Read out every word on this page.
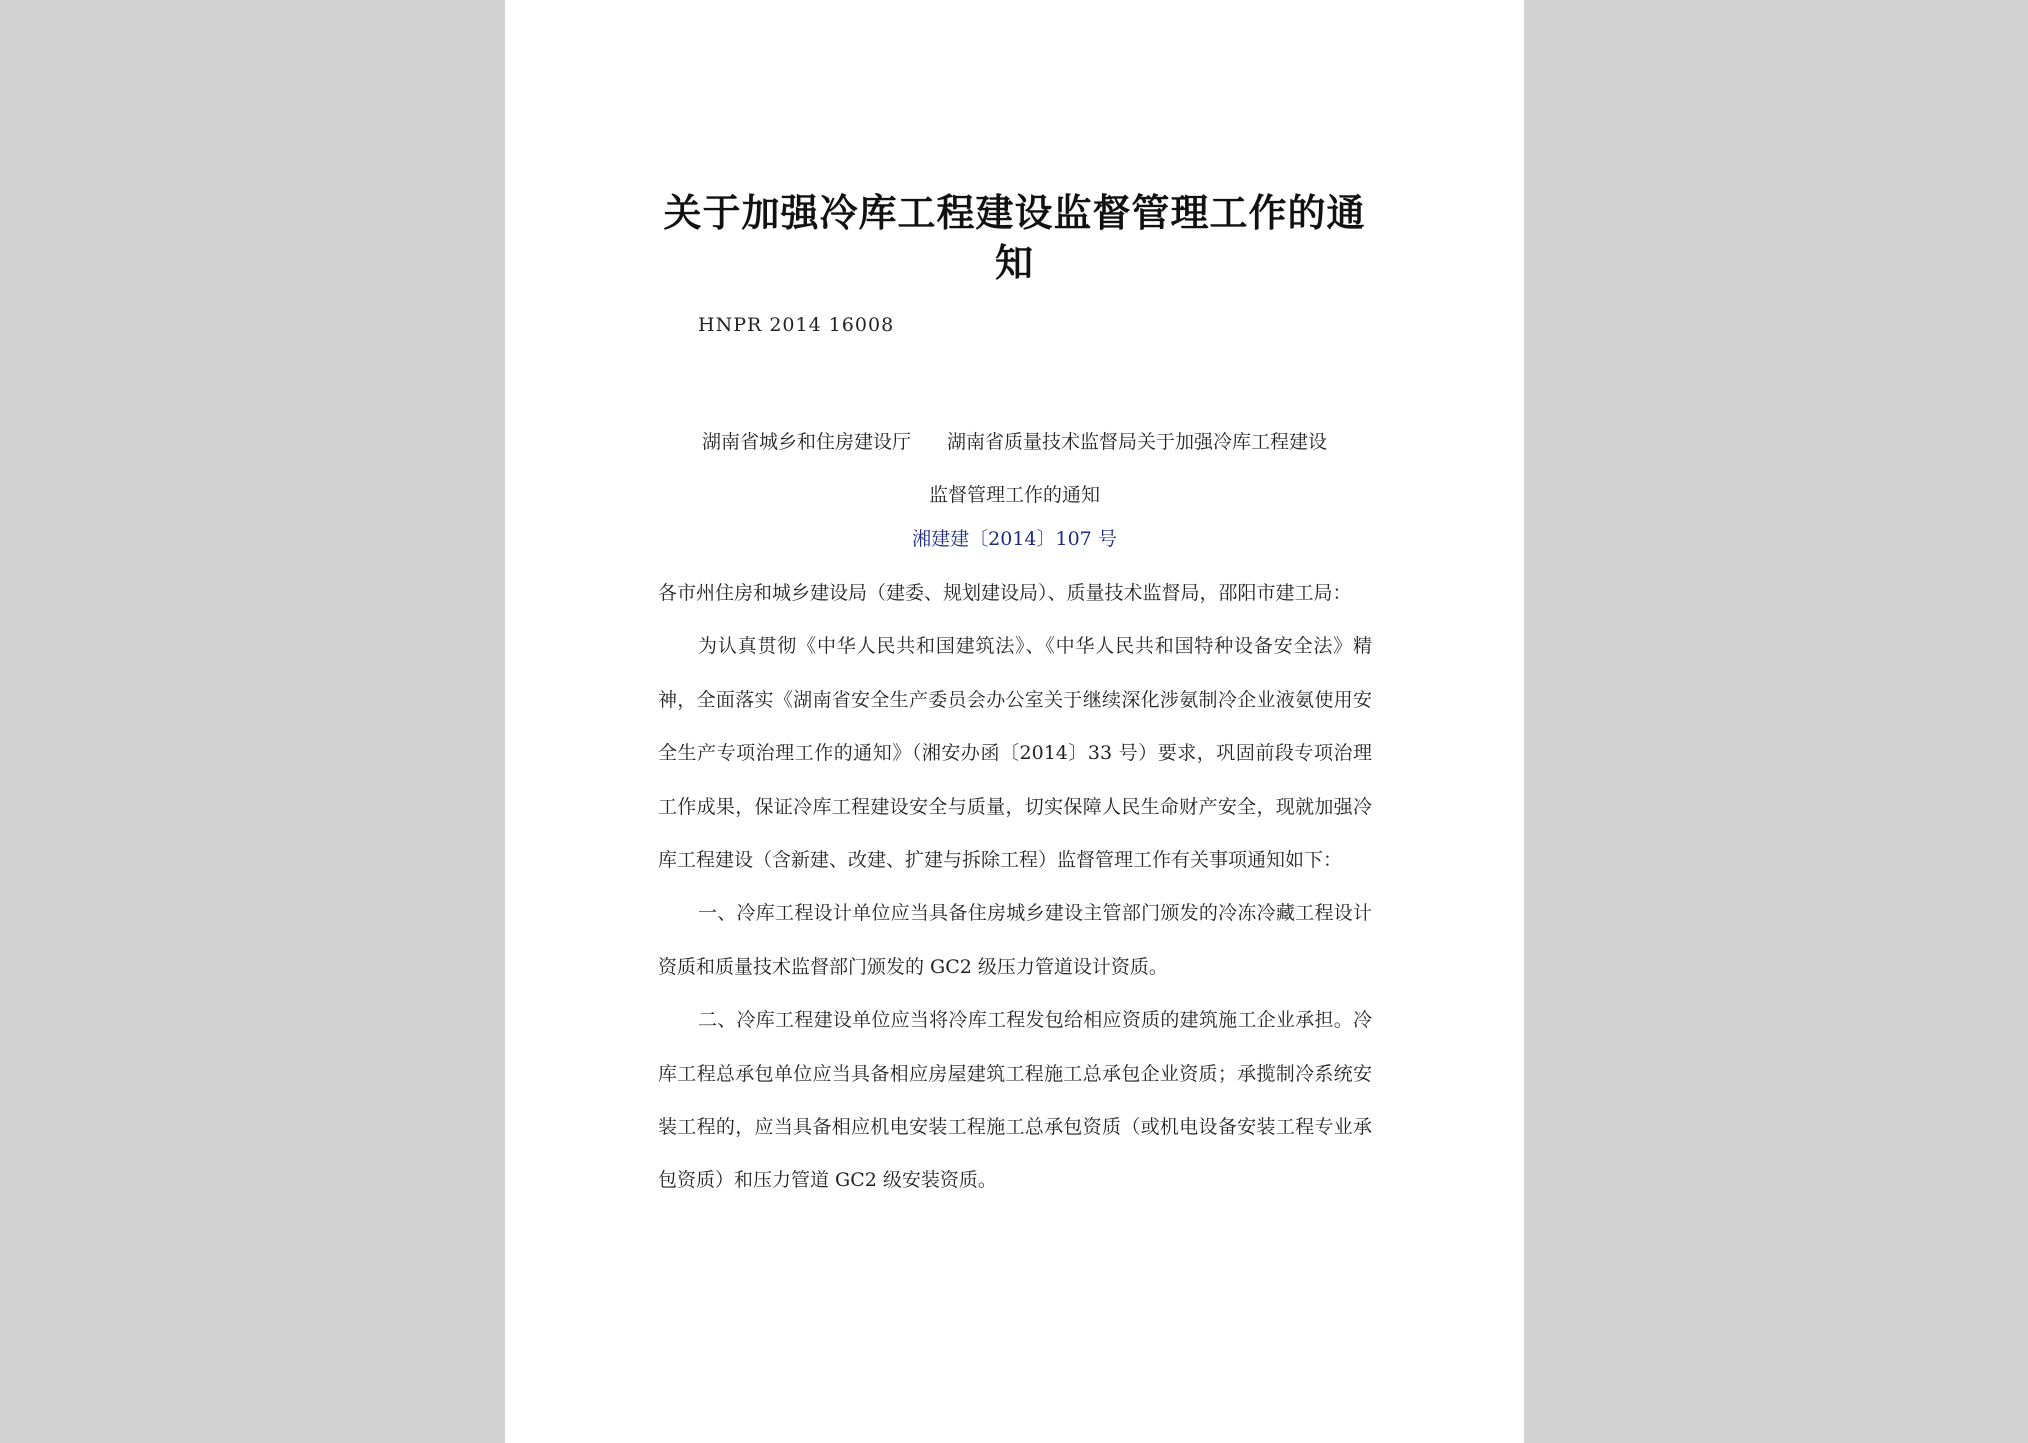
关于加强冷库工程建设监督管理工作的通
知
HNPR 2014 16008
湖南省城乡和住房建设厅 湖南省质量技术监督局关于加强冷库工程建设
监督管理工作的通知
湘建建〔2014〕107 号

各市州住房和城乡建设局（建委、规划建设局）、质量技术监督局，邵阳市建工局：

为认真贯彻《中华人民共和国建筑法》、《中华人民共和国特种设备安全法》精神，全面落实《湖南省安全生产委员会办公室关于继续深化涉氨制冷企业液氨使用安全生产专项治理工作的通知》（湘安办函〔2014〕33 号）要求，巩固前段专项治理工作成果，保证冷库工程建设安全与质量，切实保障人民生命财产安全，现就加强冷库工程建设（含新建、改建、扩建与拆除工程）监督管理工作有关事项通知如下：

一、冷库工程设计单位应当具备住房城乡建设主管部门颁发的冷冻冷藏工程设计资质和质量技术监督部门颁发的 GC2 级压力管道设计资质。

二、冷库工程建设单位应当将冷库工程发包给相应资质的建筑施工企业承担。冷库工程总承包单位应当具备相应房屋建筑工程施工总承包企业资质；承揽制冷系统安装工程的，应当具备相应机电安装工程施工总承包资质（或机电设备安装工程专业承包资质）和压力管道 GC2 级安装资质。
